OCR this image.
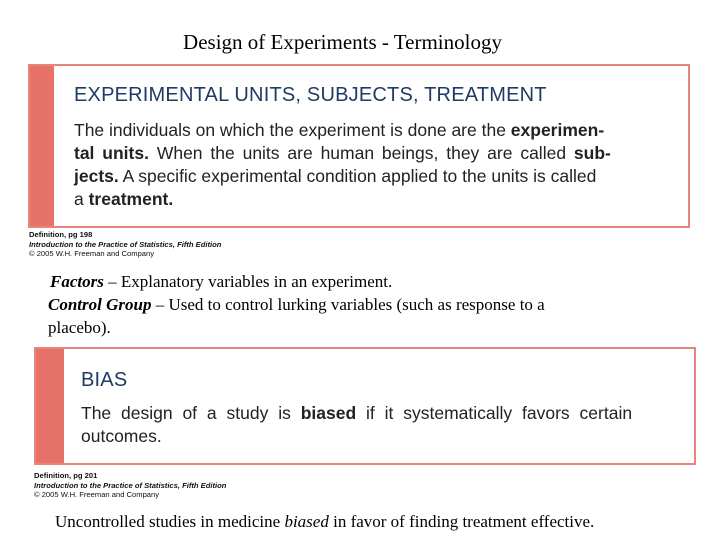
Design of Experiments - Terminology
EXPERIMENTAL UNITS, SUBJECTS, TREATMENT
The individuals on which the experiment is done are the experimen-
tal units. When the units are human beings, they are called sub-
jects. A specific experimental condition applied to the units is called
a treatment.
Definition, pg 198
Introduction to the Practice of Statistics, Fifth Edition
© 2005 W.H. Freeman and Company
Factors – Explanatory variables in an experiment.
Control Group – Used to control lurking variables (such as response to a
placebo).
BIAS
The design of a study is biased if it systematically favors certain
outcomes.
Definition, pg 201
Introduction to the Practice of Statistics, Fifth Edition
© 2005 W.H. Freeman and Company
Uncontrolled studies in medicine biased in favor of finding treatment effective.
